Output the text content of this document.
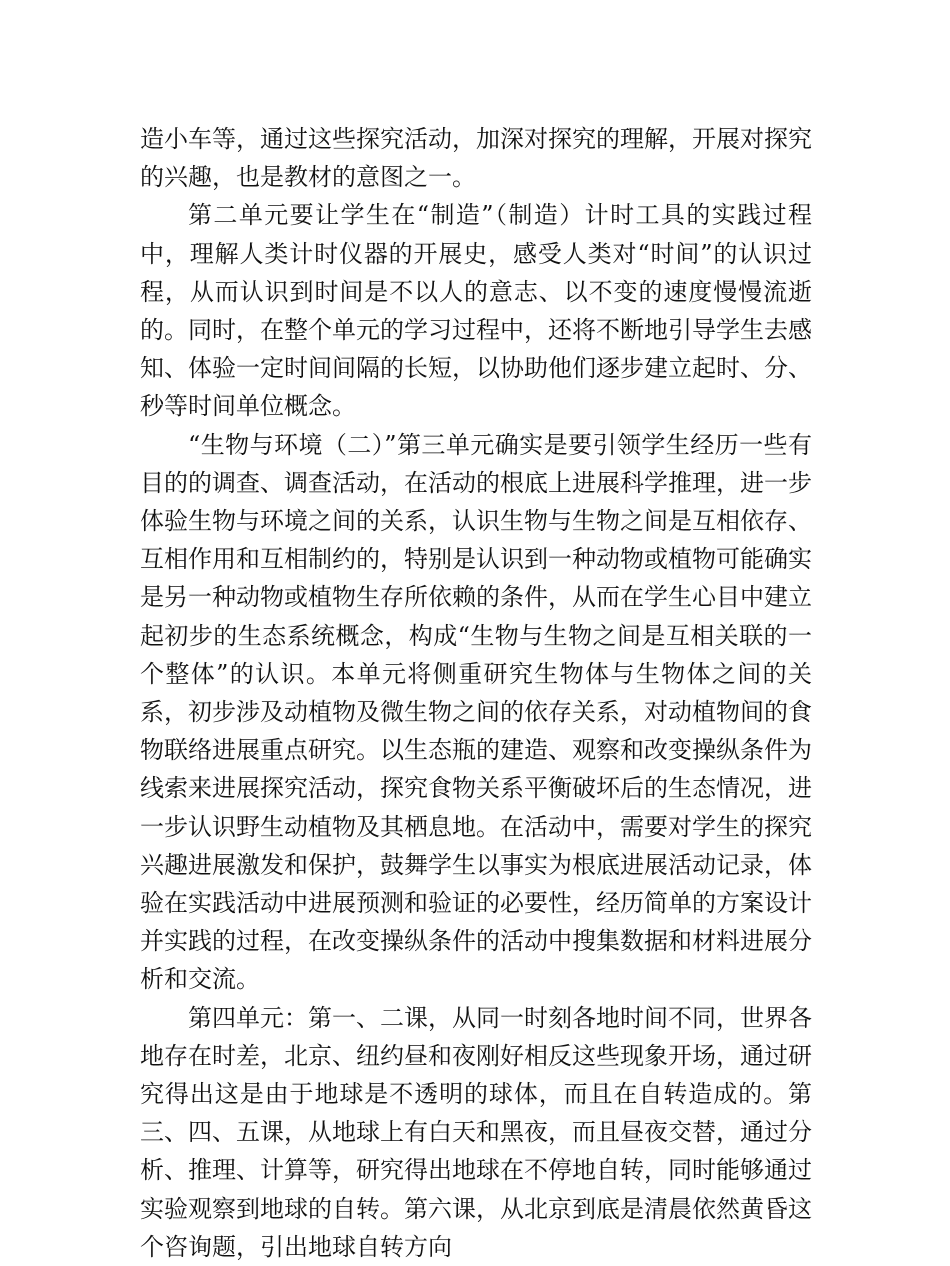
造小车等，通过这些探究活动，加深对探究的理解，开展对探究的兴趣，也是教材的意图之一。

第二单元要让学生在“制造”（制造）计时工具的实践过程中，理解人类计时仪器的开展史，感受人类对“时间”的认识过程，从而认识到时间是不以人的意志、以不变的速度慢慢流逝的。同时，在整个单元的学习过程中，还将不断地引导学生去感知、体验一定时间间隔的长短，以协助他们逐步建立起时、分、秒等时间单位概念。

“生物与环境（二）”第三单元确实是要引领学生经历一些有目的的调查、调查活动，在活动的根底上进展科学推理，进一步体验生物与环境之间的关系，认识生物与生物之间是互相依存、互相作用和互相制约的，特别是认识到一种动物或植物可能确实是另一种动物或植物生存所依赖的条件，从而在学生心目中建立起初步的生态系统概念，构成“生物与生物之间是互相关联的一个整体”的认识。本单元将侧重研究生物体与生物体之间的关系，初步涉及动植物及微生物之间的依存关系，对动植物间的食物联络进展重点研究。以生态瓶的建造、观察和改变操纵条件为线索来进展探究活动，探究食物关系平衡破坏后的生态情况，进一步认识野生动植物及其栖息地。在活动中，需要对学生的探究兴趣进展激发和保护，鼓舞学生以事实为根底进展活动记录，体验在实践活动中进展预测和验证的必要性，经历简单的方案设计并实践的过程，在改变操纵条件的活动中搜集数据和材料进展分析和交流。

第四单元：第一、二课，从同一时刻各地时间不同，世界各地存在时差，北京、纽约昼和夜刚好相反这些现象开场，通过研究得出这是由于地球是不透明的球体，而且在自转造成的。第三、四、五课，从地球上有白天和黑夜，而且昼夜交替，通过分析、推理、计算等，研究得出地球在不停地自转，同时能够通过实验观察到地球的自转。第六课，从北京到底是清晨依然黄昏这个咨询题，引出地球自转方向
